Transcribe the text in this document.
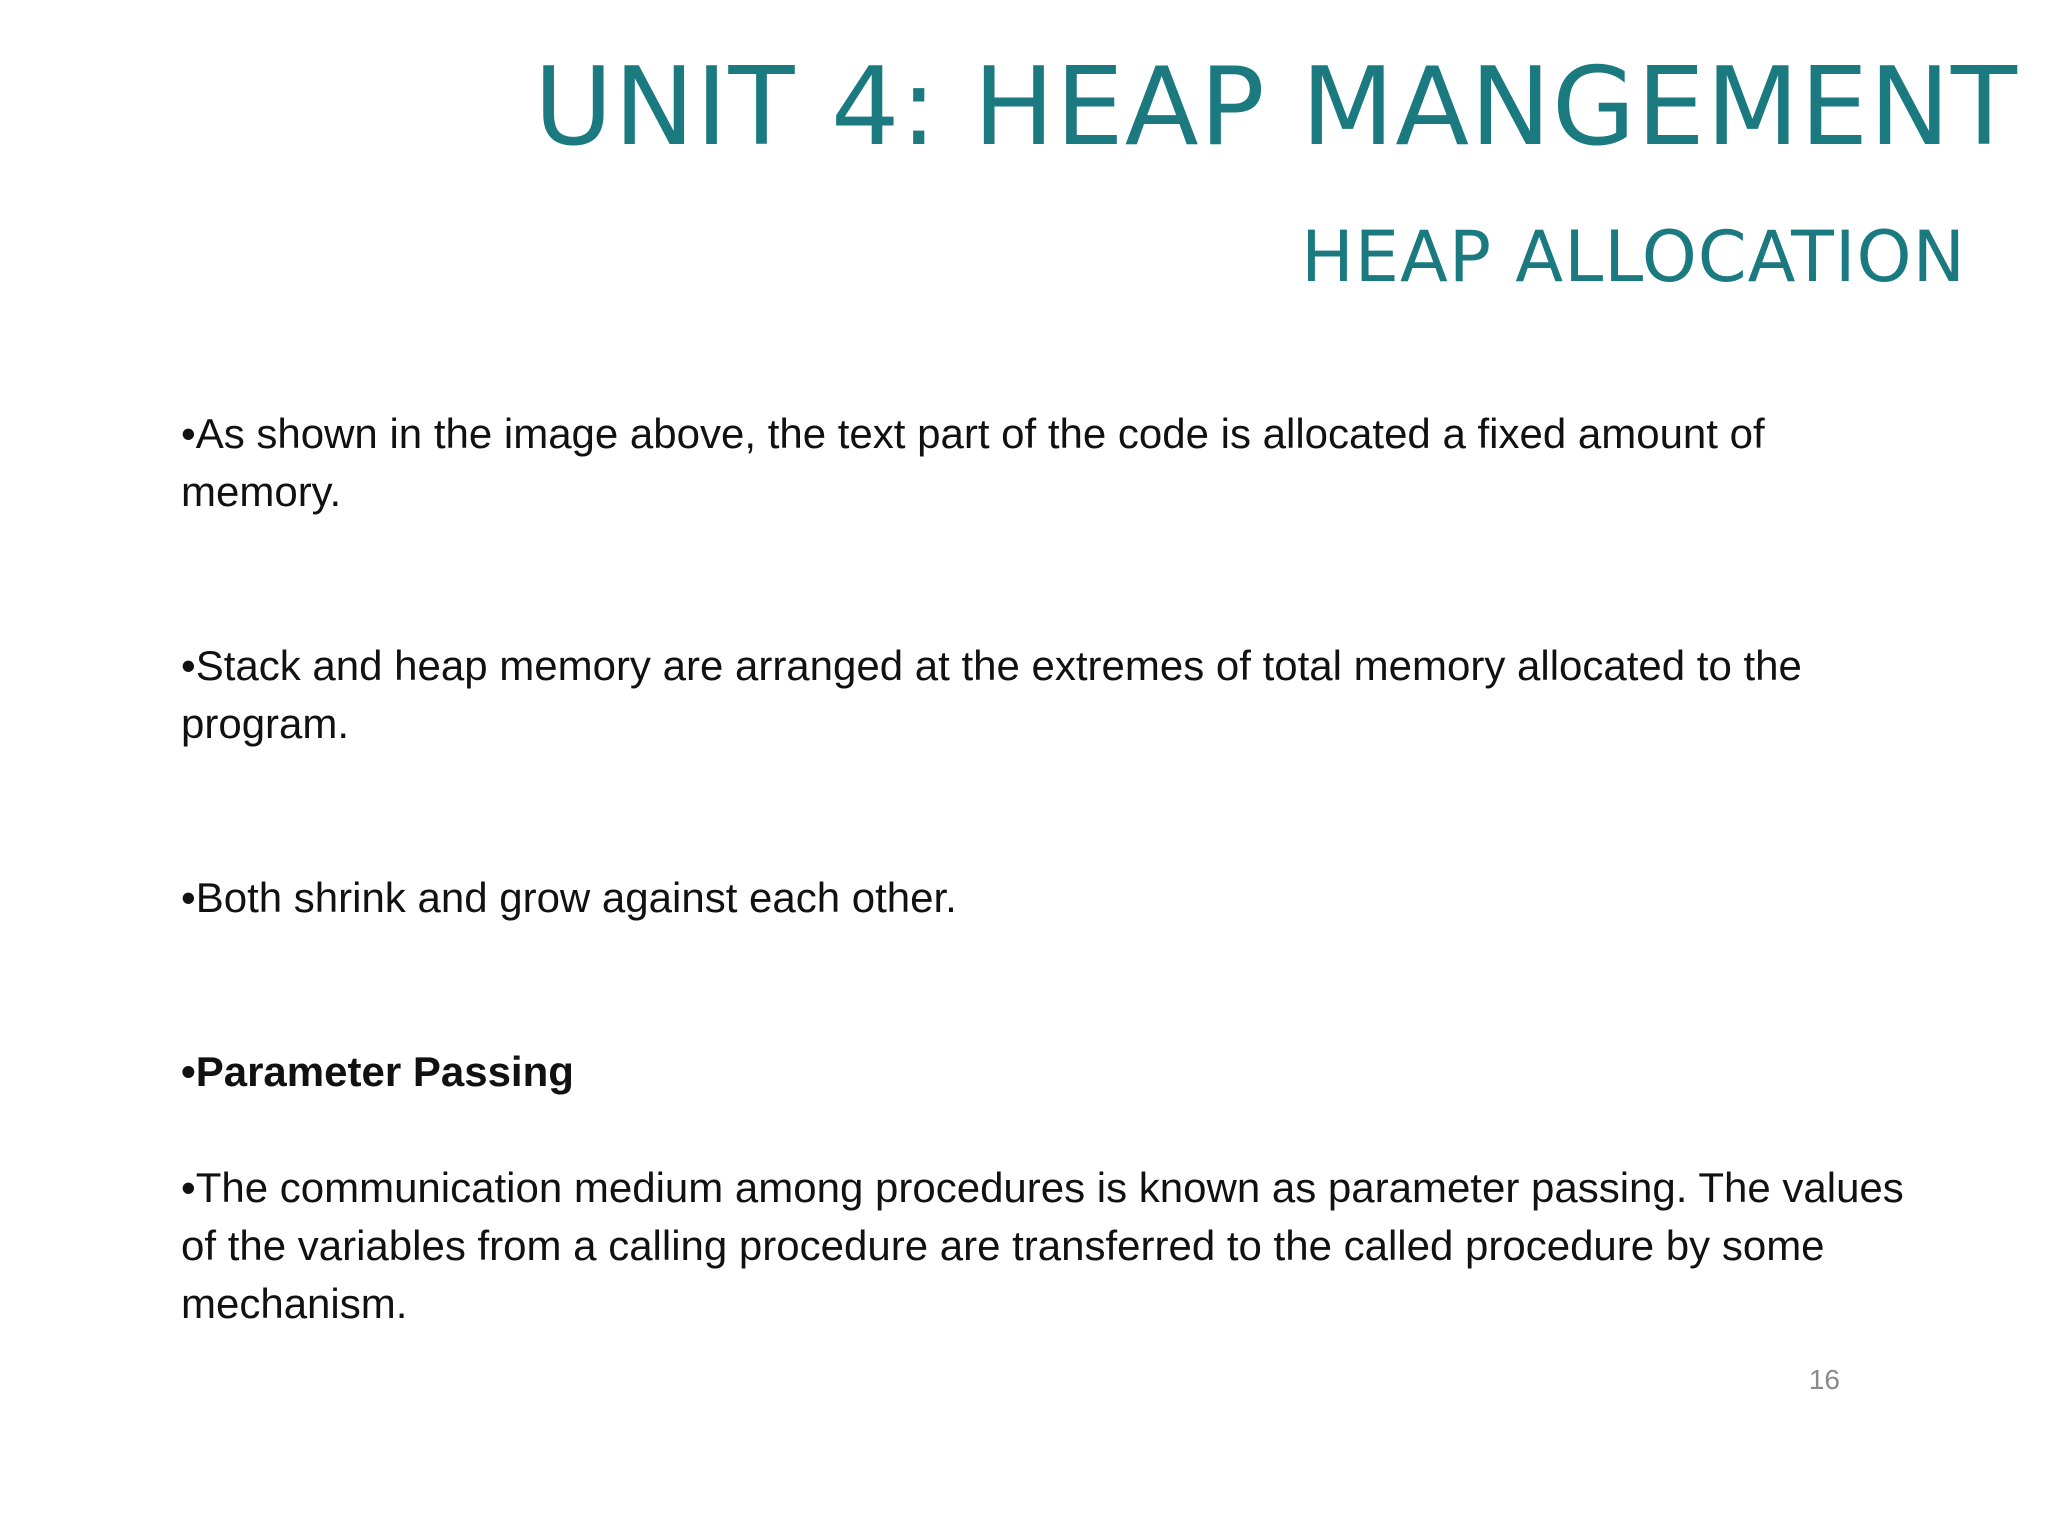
UNIT 4: HEAP MANGEMENT
HEAP ALLOCATION

•As shown in the image above, the text part of the code is allocated a fixed amount of memory.

•Stack and heap memory are arranged at the extremes of total memory allocated to the program.

•Both shrink and grow against each other.

•Parameter Passing

•The communication medium among procedures is known as parameter passing. The values of the variables from a calling procedure are transferred to the called procedure by some mechanism.

16
